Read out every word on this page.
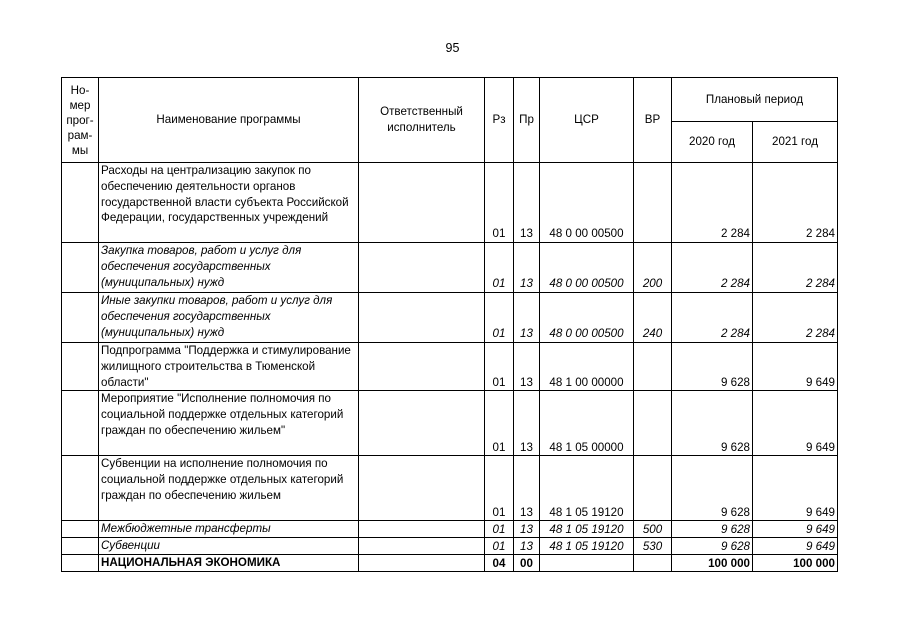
95
Но-
мер
прог-
рам-
мы	Наименование программы	Ответственный исполнитель	Рз	Пр	ЦСР	ВР	Плановый период	
							2020 год	2021 год
	Расходы на централизацию закупок по обеспечению деятельности органов государственной власти субъекта Российской Федерации, государственных учреждений		01	13	48 0 00 00500		2 284	2 284
	Закупка товаров, работ и услуг для обеспечения государственных (муниципальных) нужд		01	13	48 0 00 00500	200	2 284	2 284
	Иные закупки товаров, работ и услуг для обеспечения государственных (муниципальных) нужд		01	13	48 0 00 00500	240	2 284	2 284
	Подпрограмма "Поддержка и стимулирование жилищного строительства в Тюменской области"		01	13	48 1 00 00000		9 628	9 649
	Мероприятие "Исполнение полномочия по социальной поддержке отдельных категорий граждан по обеспечению жильем"		01	13	48 1 05 00000		9 628	9 649
	Субвенции на исполнение полномочия по социальной поддержке отдельных категорий граждан по обеспечению жильем		01	13	48 1 05 19120		9 628	9 649
	Межбюджетные трансферты		01	13	48 1 05 19120	500	9 628	9 649
	Субвенции		01	13	48 1 05 19120	530	9 628	9 649
	НАЦИОНАЛЬНАЯ ЭКОНОМИКА		04	00			100 000	100 000
